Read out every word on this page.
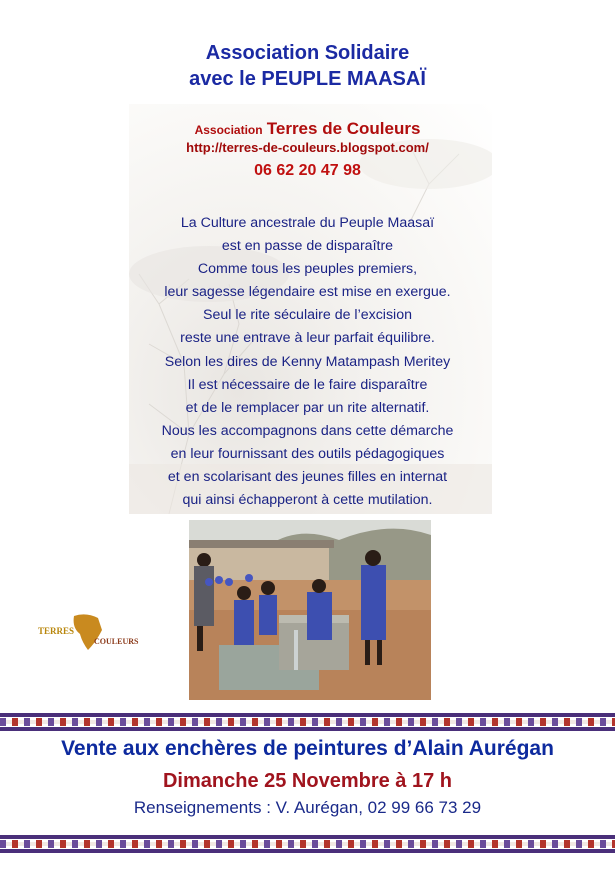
Association Solidaire
avec le PEUPLE MAASAÏ
Association Terres de Couleurs
http://terres-de-couleurs.blogspot.com/
06 62 20 47 98
La Culture ancestrale du Peuple Maasaï
est en passe de disparaître
Comme tous les peuples premiers,
leur sagesse légendaire est mise en exergue.
Seul le rite séculaire de l’excision
reste une entrave à leur parfait équilibre.
Selon les dires de Kenny Matampash Meritey
Il est nécessaire de le faire disparaître
et de le remplacer par un rite alternatif.
Nous les accompagnons dans cette démarche
en leur fournissant des outils pédagogiques
et en scolarisant des jeunes filles en internat
qui ainsi échapperont à cette mutilation.
TERRES
COULEURS
Vente aux enchères de peintures d’Alain Aurégan
Dimanche 25 Novembre à 17 h
Renseignements : V. Aurégan, 02 99 66 73 29
